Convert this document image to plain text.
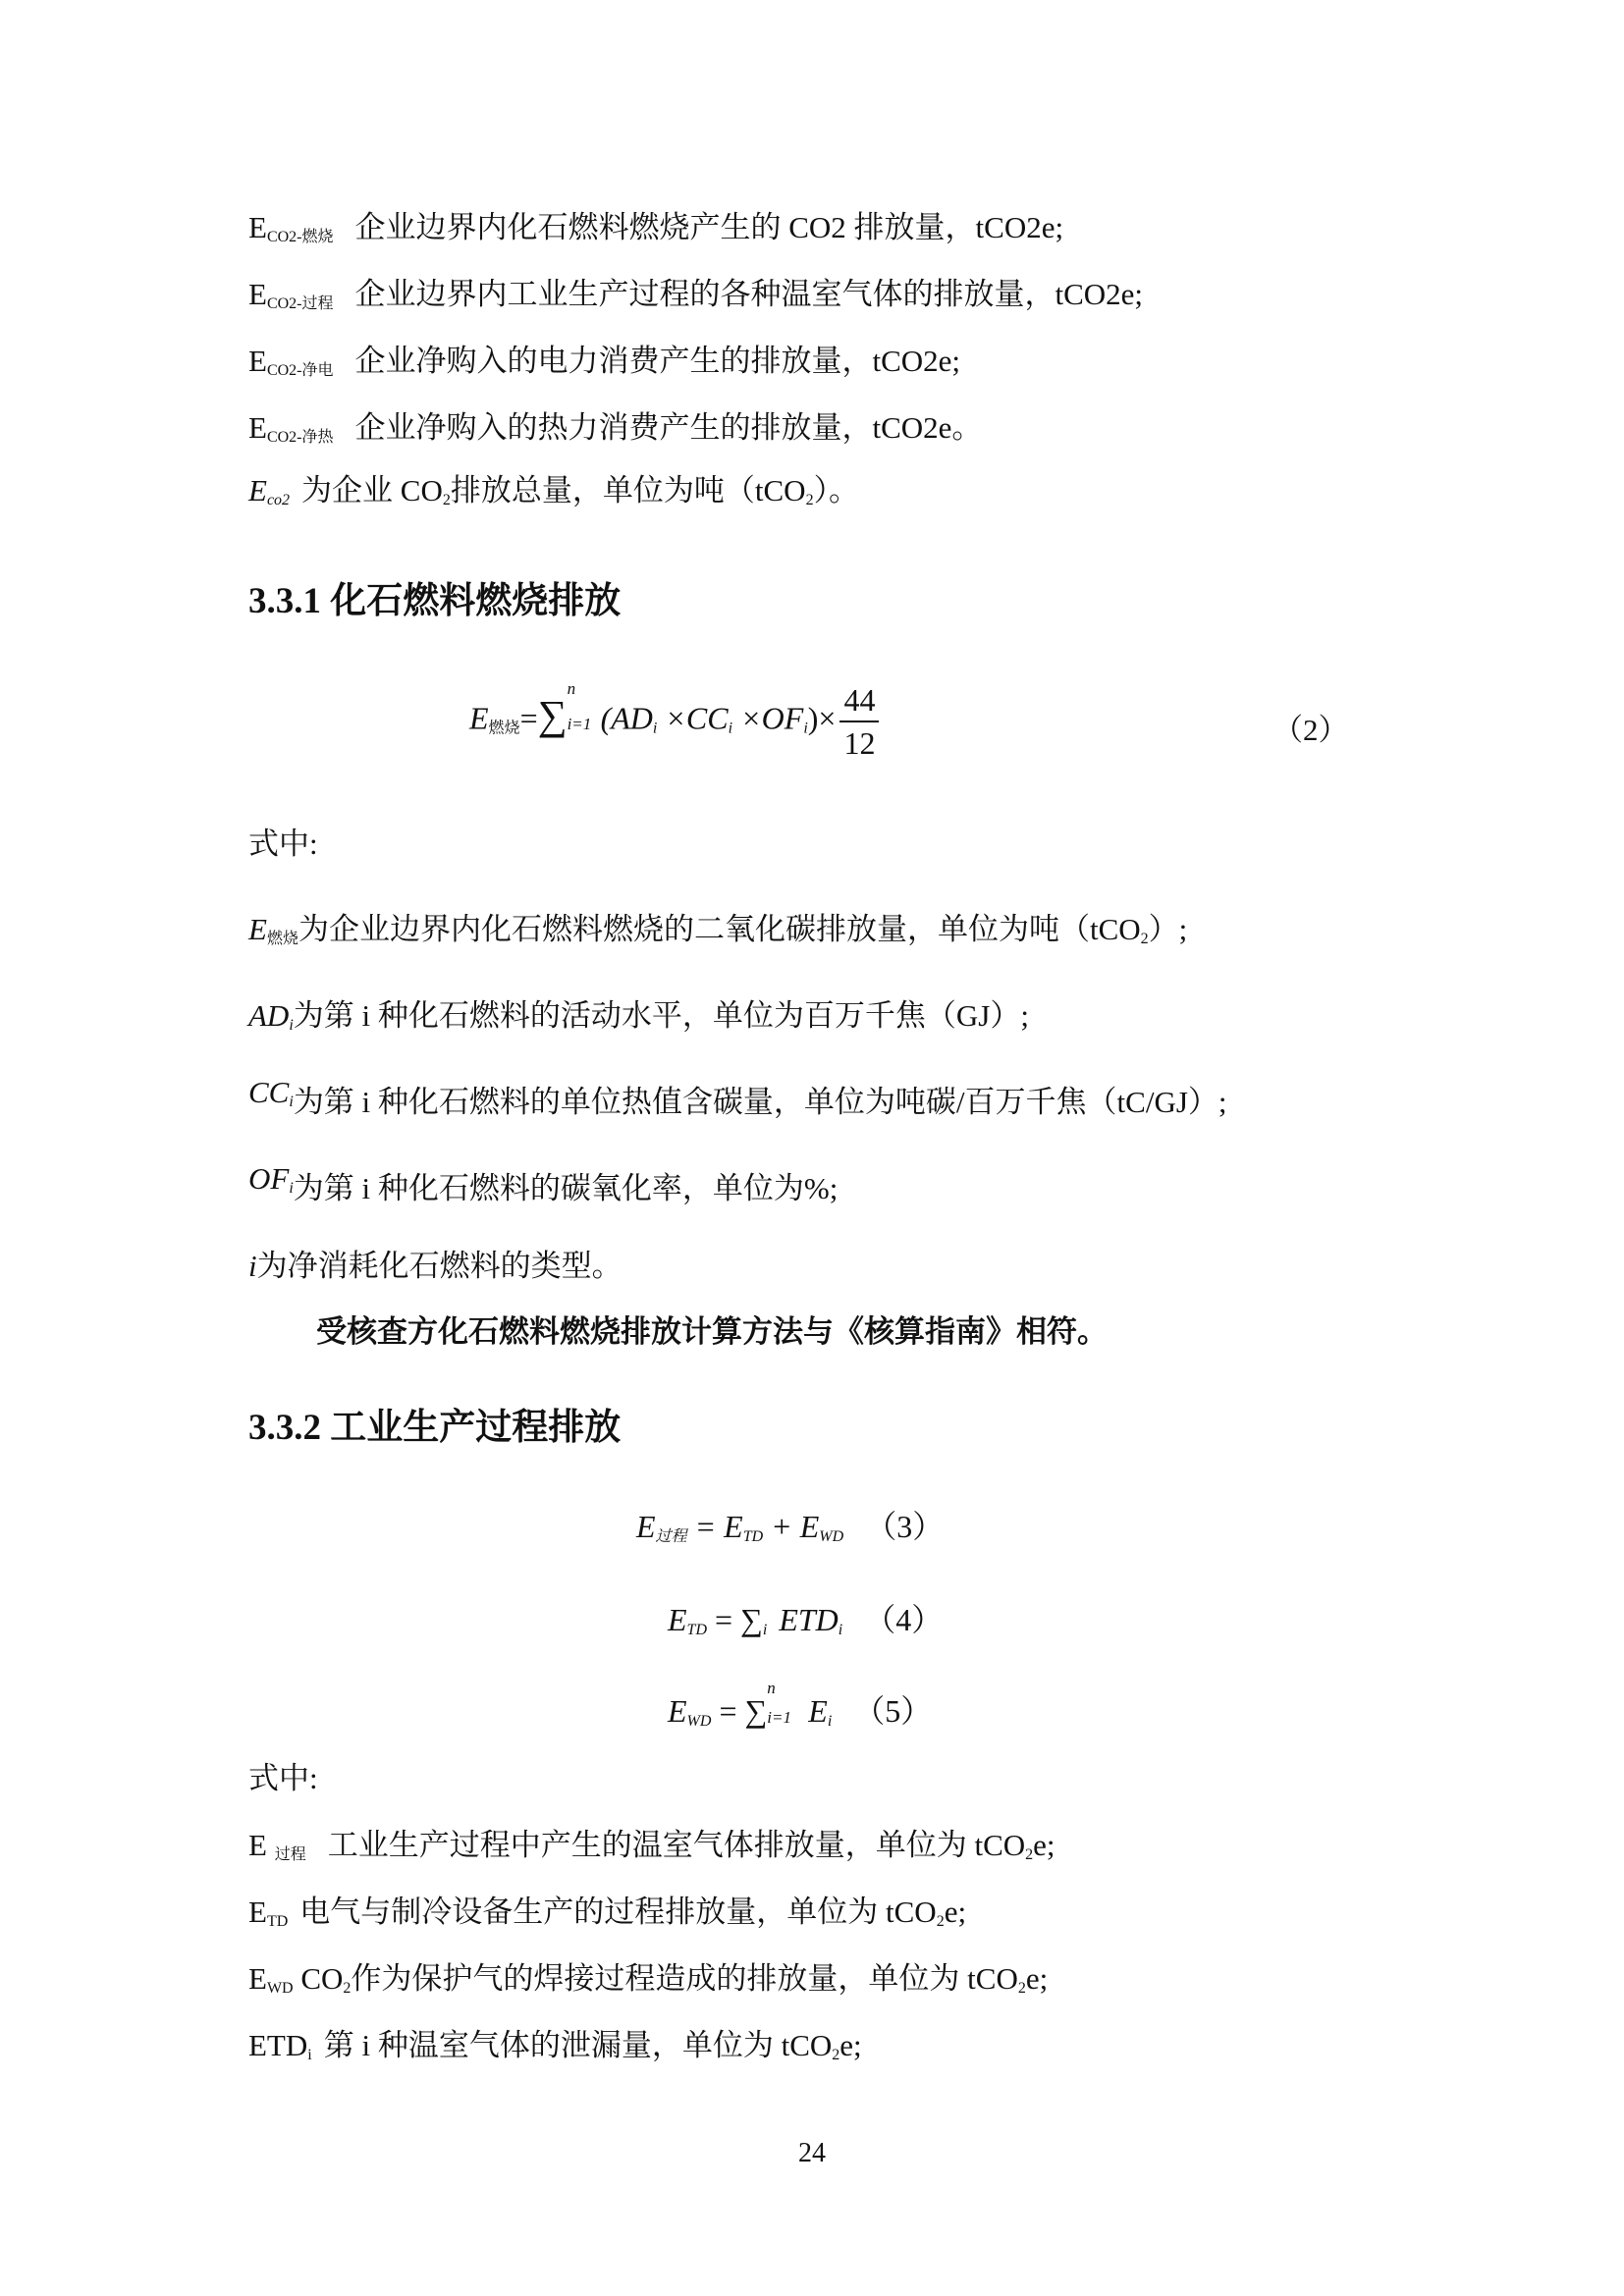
$E_{CO2-燃烧}$ 企业边界内化石燃料燃烧产生的 CO2 排放量，tCO2e;
$E_{CO2-过程}$ 企业边界内工业生产过程的各种温室气体的排放量，tCO2e;
$E_{CO2-净电}$ 企业净购入的电力消费产生的排放量，tCO2e;
$E_{CO2-净热}$ 企业净购入的热力消费产生的排放量，tCO2e。
$E_{co2}$ 为企业 $CO_2$排放总量，单位为吨（tCO$_2$）。
3.3.1 化石燃料燃烧排放
$E_{燃烧}=\sum$
n
i=1 $(AD_i \times CC_i \times OF_i)\times \frac{44}{12}$	（2）
式中:
$E_{燃烧}$为企业边界内化石燃料燃烧的二氧化碳排放量，单位为吨（tCO$_2$）;
$AD_i$为第 i 种化石燃料的活动水平，单位为百万千焦（GJ）;
$CC_i$为第 i 种化石燃料的单位热值含碳量，单位为吨碳/百万千焦（tC/GJ）;
$OF_i$为第 i 种化石燃料的碳氧化率，单位为%;
i为净消耗化石燃料的类型。
受核查方化石燃料燃烧排放计算方法与《核算指南》相符。
3.3.2 工业生产过程排放
$E_{过程} = E_{TD} + E_{WD}$ （3）
$E_{TD} = \sum_i$ $ETD_i$ （4）
$E_{WD}$ = ∑
n
i=1 $E_i$ （5）
式中:
E $_{过程}$ 工业生产过程中产生的温室气体排放量，单位为 tCO$_2$e;
$E_{TD}$ 电气与制冷设备生产的过程排放量，单位为 tCO$_2$e;
$E_{WD}$ $CO_2$作为保护气的焊接过程造成的排放量，单位为 tCO$_2$e;
$ETD_i$ 第 i 种温室气体的泄漏量，单位为 tCO$_2$e;
24
